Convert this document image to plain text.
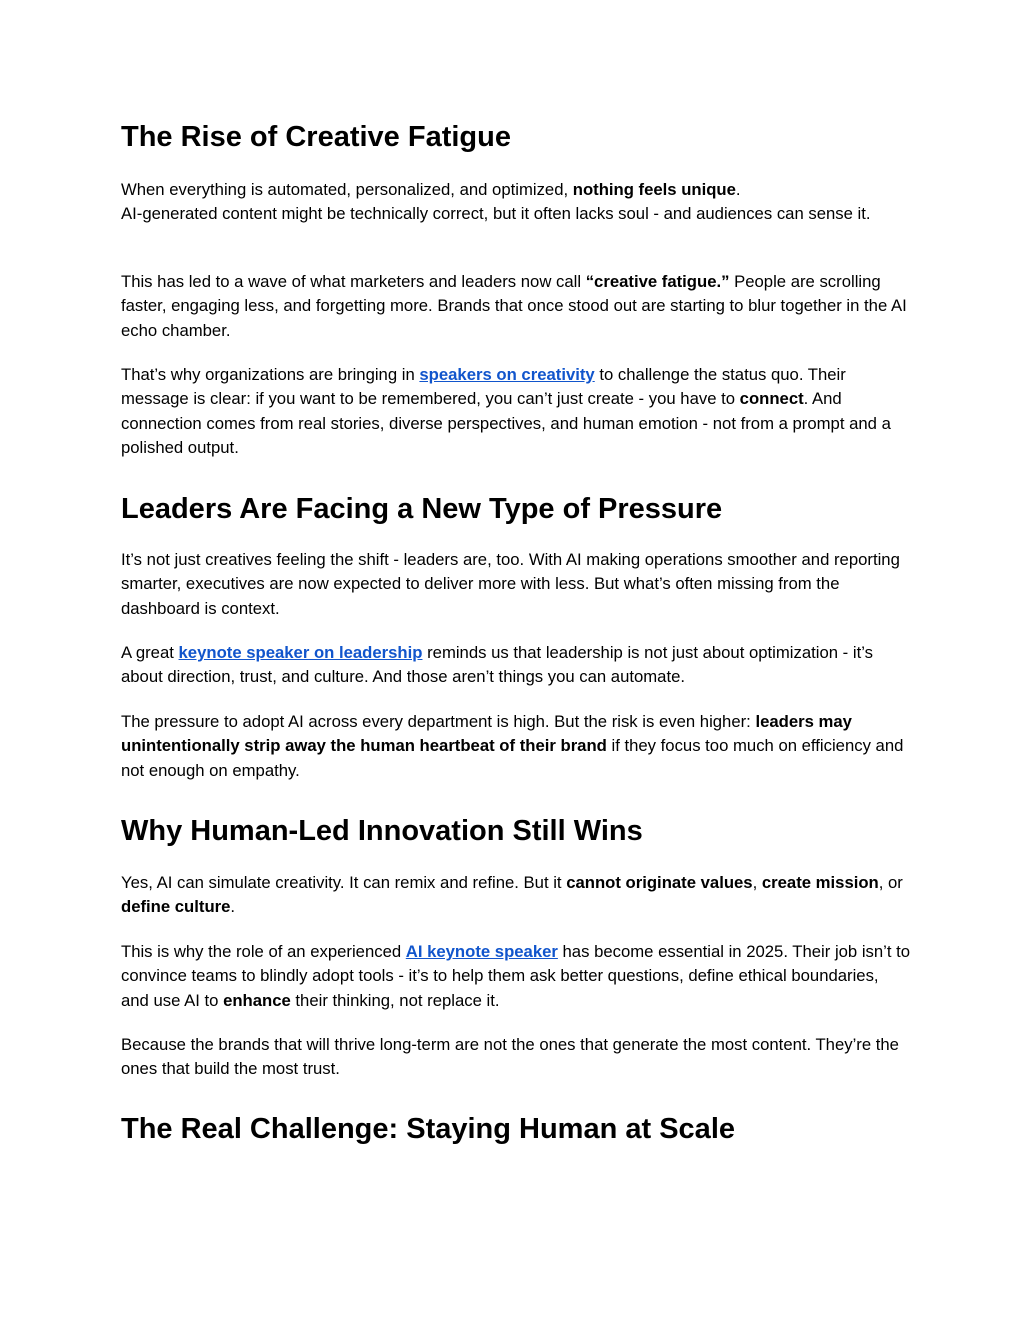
The Rise of Creative Fatigue

When everything is automated, personalized, and optimized, nothing feels unique.
AI-generated content might be technically correct, but it often lacks soul - and audiences can sense it.

This has led to a wave of what marketers and leaders now call “creative fatigue.” People are scrolling faster, engaging less, and forgetting more. Brands that once stood out are starting to blur together in the AI echo chamber.

That’s why organizations are bringing in speakers on creativity to challenge the status quo. Their message is clear: if you want to be remembered, you can’t just create - you have to connect. And connection comes from real stories, diverse perspectives, and human emotion - not from a prompt and a polished output.

Leaders Are Facing a New Type of Pressure

It’s not just creatives feeling the shift - leaders are, too. With AI making operations smoother and reporting smarter, executives are now expected to deliver more with less. But what’s often missing from the dashboard is context.

A great keynote speaker on leadership reminds us that leadership is not just about optimization - it’s about direction, trust, and culture. And those aren’t things you can automate.

The pressure to adopt AI across every department is high. But the risk is even higher: leaders may unintentionally strip away the human heartbeat of their brand if they focus too much on efficiency and not enough on empathy.

Why Human-Led Innovation Still Wins

Yes, AI can simulate creativity. It can remix and refine. But it cannot originate values, create mission, or define culture.

This is why the role of an experienced AI keynote speaker has become essential in 2025. Their job isn’t to convince teams to blindly adopt tools - it’s to help them ask better questions, define ethical boundaries, and use AI to enhance their thinking, not replace it.

Because the brands that will thrive long-term are not the ones that generate the most content. They’re the ones that build the most trust.

The Real Challenge: Staying Human at Scale
